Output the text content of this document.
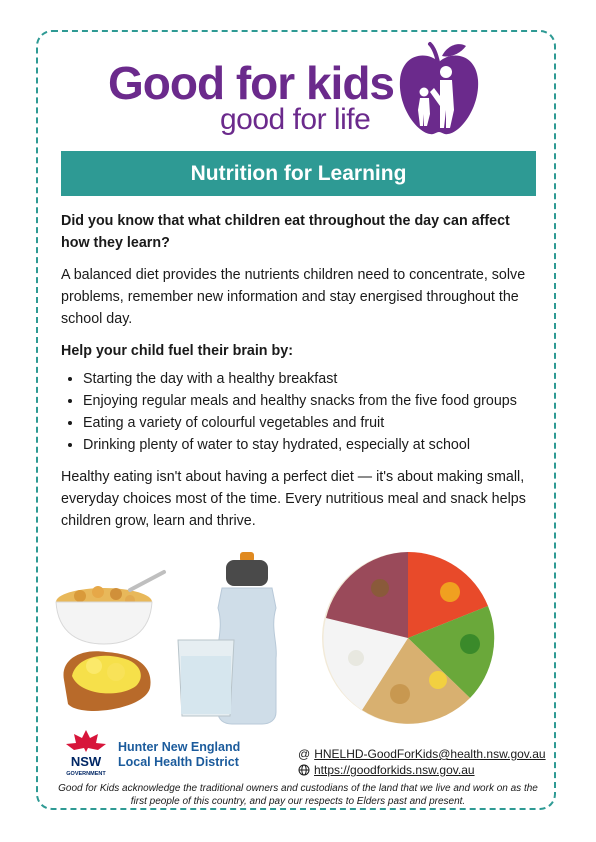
Good for kids
good for life
Nutrition for Learning

Did you know that what children eat throughout the day can affect how they learn?

A balanced diet provides the nutrients children need to concentrate, solve problems, remember new information and stay energised throughout the school day.

Help your child fuel their brain by:

• Starting the day with a healthy breakfast
• Enjoying regular meals and healthy snacks from the five food groups
• Eating a variety of colourful vegetables and fruit
• Drinking plenty of water to stay hydrated, especially at school

Healthy eating isn't about having a perfect diet — it's about making small, everyday choices most of the time. Every nutritious meal and snack helps children grow, learn and thrive.

NSW
GOVERNMENT
Hunter New England
Local Health District
@ HNELHD-GoodForKids@health.nsw.gov.au
https://goodforkids.nsw.gov.au
Good for Kids acknowledge the traditional owners and custodians of the land that we live and work on as the first people of this country, and pay our respects to Elders past and present.
